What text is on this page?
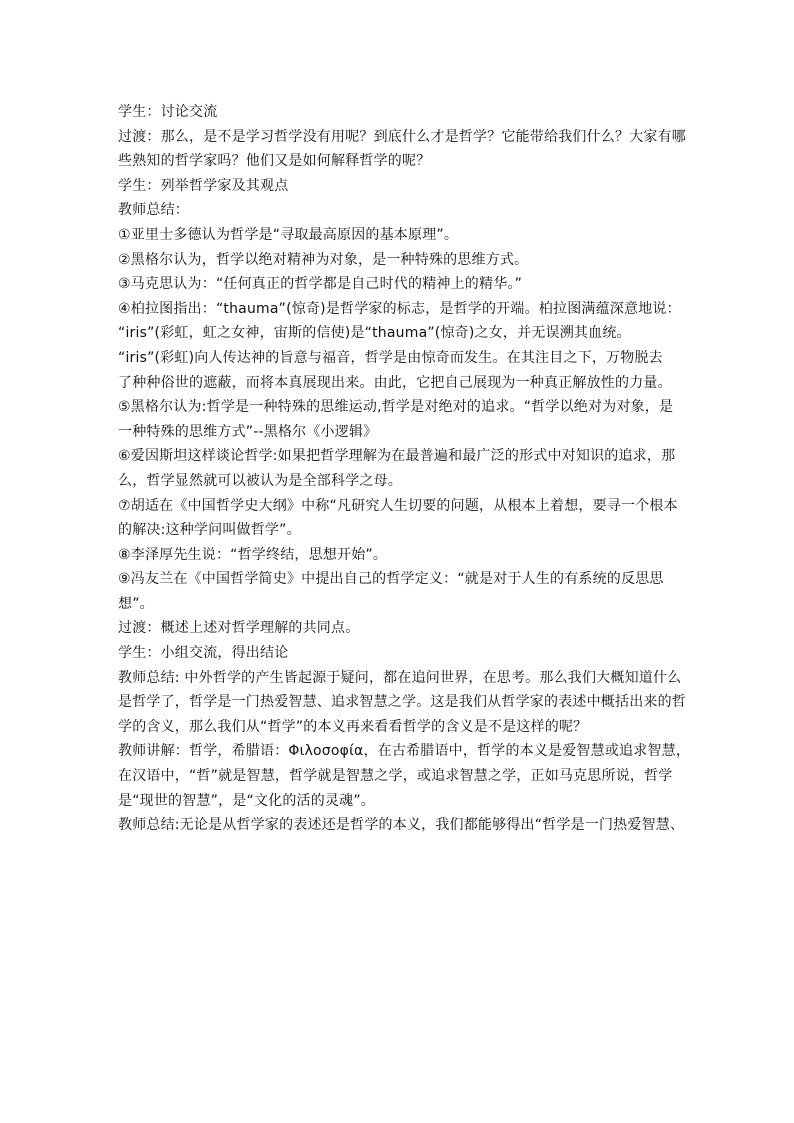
学生：讨论交流

过渡：那么，是不是学习哲学没有用呢？到底什么才是哲学？它能带给我们什么？大家有哪

些熟知的哲学家吗？他们又是如何解释哲学的呢？

学生：列举哲学家及其观点

教师总结：

①亚里士多德认为哲学是“寻取最高原因的基本原理”。

②黑格尔认为，哲学以绝对精神为对象，是一种特殊的思维方式。

③马克思认为：“任何真正的哲学都是自己时代的精神上的精华。”

④柏拉图指出：“thauma”(惊奇)是哲学家的标志，是哲学的开端。柏拉图满蕴深意地说：

“iris”(彩虹，虹之女神，宙斯的信使)是“thauma”(惊奇)之女，并无误溯其血统。

“iris”(彩虹)向人传达神的旨意与福音，哲学是由惊奇而发生。在其注目之下，万物脱去

了种种俗世的遮蔽，而将本真展现出来。由此，它把自己展现为一种真正解放性的力量。

⑤黑格尔认为:哲学是一种特殊的思维运动,哲学是对绝对的追求。“哲学以绝对为对象，是

一种特殊的思维方式”--黑格尔《小逻辑》

⑥爱因斯坦这样谈论哲学:如果把哲学理解为在最普遍和最广泛的形式中对知识的追求，那

么，哲学显然就可以被认为是全部科学之母。

⑦胡适在《中国哲学史大纲》中称“凡研究人生切要的问题，从根本上着想，要寻一个根本

的解决:这种学问叫做哲学”。

⑧李泽厚先生说：“哲学终结，思想开始”。

⑨冯友兰在《中国哲学简史》中提出自己的哲学定义：“就是对于人生的有系统的反思思

想”。

过渡：概述上述对哲学理解的共同点。

学生：小组交流，得出结论

教师总结: 中外哲学的产生皆起源于疑问，都在追问世界，在思考。那么我们大概知道什么

是哲学了，哲学是一门热爱智慧、追求智慧之学。这是我们从哲学家的表述中概括出来的哲

学的含义，那么我们从“哲学”的本义再来看看哲学的含义是不是这样的呢？

教师讲解：哲学，希腊语：Φιλοσοφία，在古希腊语中，哲学的本义是爱智慧或追求智慧，

在汉语中，“哲”就是智慧，哲学就是智慧之学，或追求智慧之学，正如马克思所说，哲学

是“现世的智慧”，是“文化的活的灵魂”。

教师总结:无论是从哲学家的表述还是哲学的本义，我们都能够得出“哲学是一门热爱智慧、
